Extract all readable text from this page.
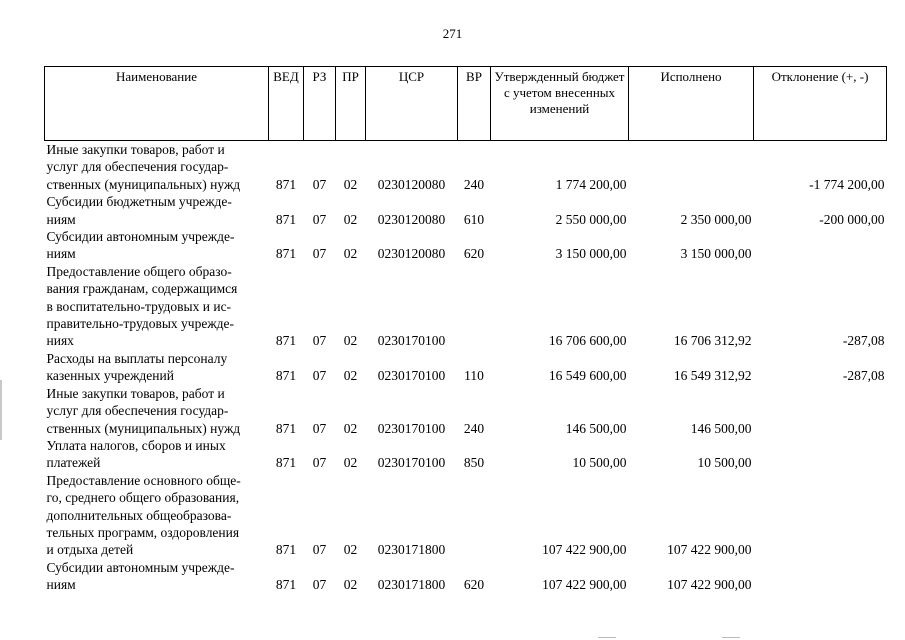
271
Наименование	ВЕД	РЗ	ПР	ЦСР	ВР	Утвержденный бюджет с учетом внесенных изменений	Исполнено	Отклонение (+, -)
Иные закупки товаров, работ и
услуг для обеспечения государ-
ственных (муниципальных) нужд	871	07	02	0230120080	240	1 774 200,00		-1 774 200,00
Субсидии бюджетным учрежде-
ниям	871	07	02	0230120080	610	2 550 000,00	2 350 000,00	-200 000,00
Субсидии автономным учрежде-
ниям	871	07	02	0230120080	620	3 150 000,00	3 150 000,00	
Предоставление общего образо-
вания гражданам, содержащимся
в воспитательно-трудовых и ис-
правительно-трудовых учрежде-
ниях	871	07	02	0230170100		16 706 600,00	16 706 312,92	-287,08
Расходы на выплаты персоналу
казенных учреждений	871	07	02	0230170100	110	16 549 600,00	16 549 312,92	-287,08
Иные закупки товаров, работ и
услуг для обеспечения государ-
ственных (муниципальных) нужд	871	07	02	0230170100	240	146 500,00	146 500,00	
Уплата налогов, сборов и иных
платежей	871	07	02	0230170100	850	10 500,00	10 500,00	
Предоставление основного обще-
го, среднего общего образования,
дополнительных общеобразова-
тельных программ, оздоровления
и отдыха детей	871	07	02	0230171800		107 422 900,00	107 422 900,00	
Субсидии автономным учрежде-
ниям	871	07	02	0230171800	620	107 422 900,00	107 422 900,00	
